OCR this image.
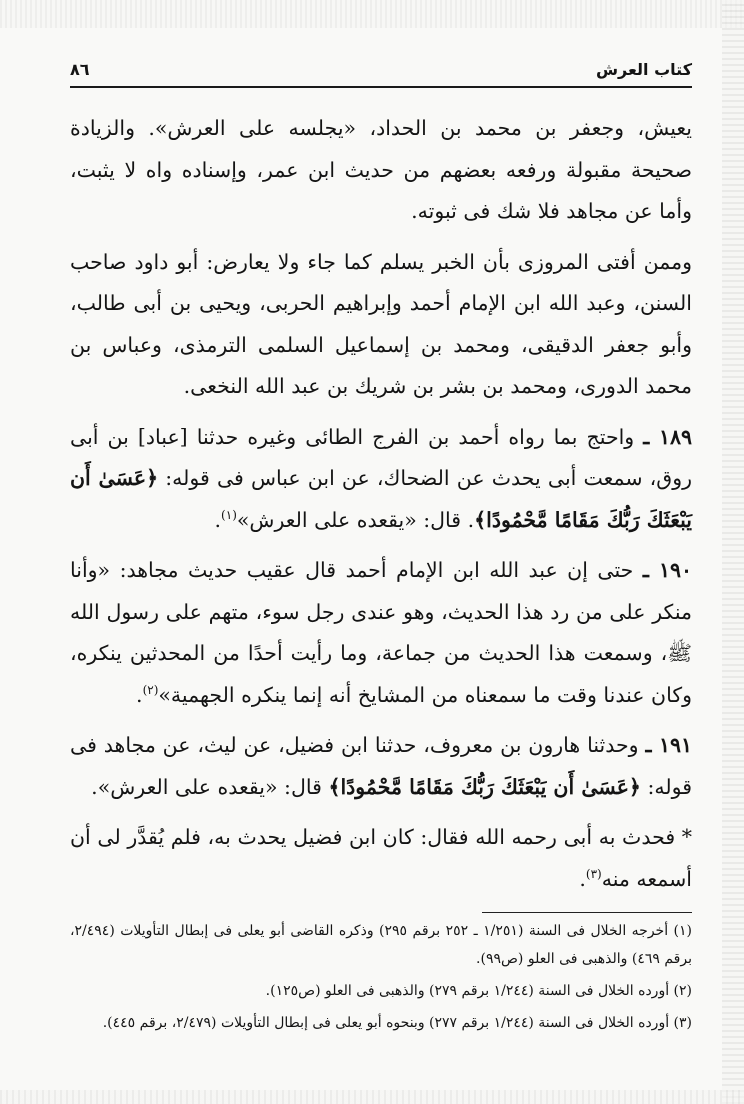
كتاب العرش
٨٦

يعيش، وجعفر بن محمد بن الحداد، «يجلسه على العرش». والزيادة صحيحة مقبولة ورفعه بعضهم من حديث ابن عمر، وإسناده واه لا يثبت، وأما عن مجاهد فلا شك فى ثبوته.

وممن أفتى المروزى بأن الخبر يسلم كما جاء ولا يعارض: أبو داود صاحب السنن، وعبد الله ابن الإمام أحمد وإبراهيم الحربى، ويحيى بن أبى طالب، وأبو جعفر الدقيقى، ومحمد بن إسماعيل السلمى الترمذى، وعباس بن محمد الدورى، ومحمد بن بشر بن شريك بن عبد الله النخعى.

١٨٩ ـ واحتج بما رواه أحمد بن الفرج الطائى وغيره حدثنا [عباد] بن أبى روق، سمعت أبى يحدث عن الضحاك، عن ابن عباس فى قوله: ﴿عَسَىٰ أَن يَبْعَثَكَ رَبُّكَ مَقَامًا مَّحْمُودًا﴾. قال: «يقعده على العرش»$^{(١)}$.

١٩٠ ـ حتى إن عبد الله ابن الإمام أحمد قال عقيب حديث مجاهد: «وأنا منكر على من رد هذا الحديث، وهو عندى رجل سوء، متهم على رسول الله ﷺ، وسمعت هذا الحديث من جماعة، وما رأيت أحدًا من المحدثين ينكره، وكان عندنا وقت ما سمعناه من المشايخ أنه إنما ينكره الجهمية»$^{(٢)}$.

١٩١ ـ وحدثنا هارون بن معروف، حدثنا ابن فضيل، عن ليث، عن مجاهد فى قوله: ﴿عَسَىٰ أَن يَبْعَثَكَ رَبُّكَ مَقَامًا مَّحْمُودًا﴾ قال: «يقعده على العرش».

* فحدث به أبى رحمه الله فقال: كان ابن فضيل يحدث به، فلم يُقدَّر لى أن أسمعه منه$^{(٣)}$.

(١) أخرجه الخلال فى السنة (١/٢٥١ ـ ٢٥٢ برقم ٢٩٥) وذكره القاضى أبو يعلى فى إبطال التأويلات (٢/٤٩٤، برقم ٤٦٩) والذهبى فى العلو (ص٩٩).
(٢) أورده الخلال فى السنة (١/٢٤٤ برقم ٢٧٩) والذهبى فى العلو (ص١٢٥).
(٣) أورده الخلال فى السنة (١/٢٤٤ برقم ٢٧٧) وبنحوه أبو يعلى فى إبطال التأويلات (٢/٤٧٩، برقم ٤٤٥).
